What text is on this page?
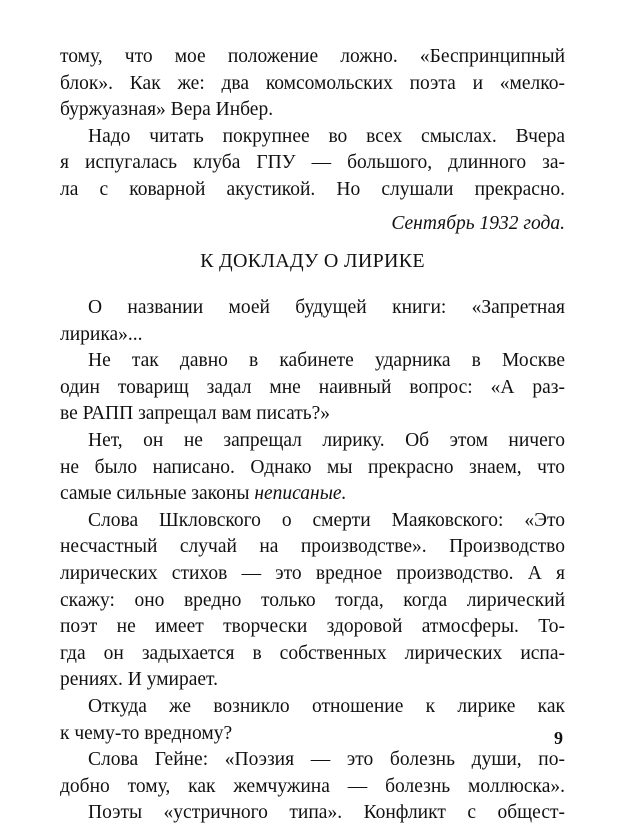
тому, что мое положение ложно. «Беспринципный
блок». Как же: два комсомольских поэта и «мелко-
буржуазная» Вера Инбер.
Надо читать покрупнее во всех смыслах. Вчера
я испугалась клуба ГПУ — большого, длинного за-
ла с коварной акустикой. Но слушали прекрасно.
Сентябрь 1932 года.
К ДОКЛАДУ О ЛИРИКЕ
О названии моей будущей книги: «Запретная
лирика»...
Не так давно в кабинете ударника в Москве
один товарищ задал мне наивный вопрос: «А раз-
ве РАПП запрещал вам писать?»
Нет, он не запрещал лирику. Об этом ничего
не было написано. Однако мы прекрасно знаем, что
самые сильные законы неписаные.
Слова Шкловского о смерти Маяковского: «Это
несчастный случай на производстве». Производство
лирических стихов — это вредное производство. А я
скажу: оно вредно только тогда, когда лирический
поэт не имеет творчески здоровой атмосферы. То-
гда он задыхается в собственных лирических испа-
рениях. И умирает.
Откуда же возникло отношение к лирике как
к чему-то вредному?
Слова Гейне: «Поэзия — это болезнь души, по-
добно тому, как жемчужина — болезнь моллюска».
Поэты «устричного типа». Конфликт с общест-
9
